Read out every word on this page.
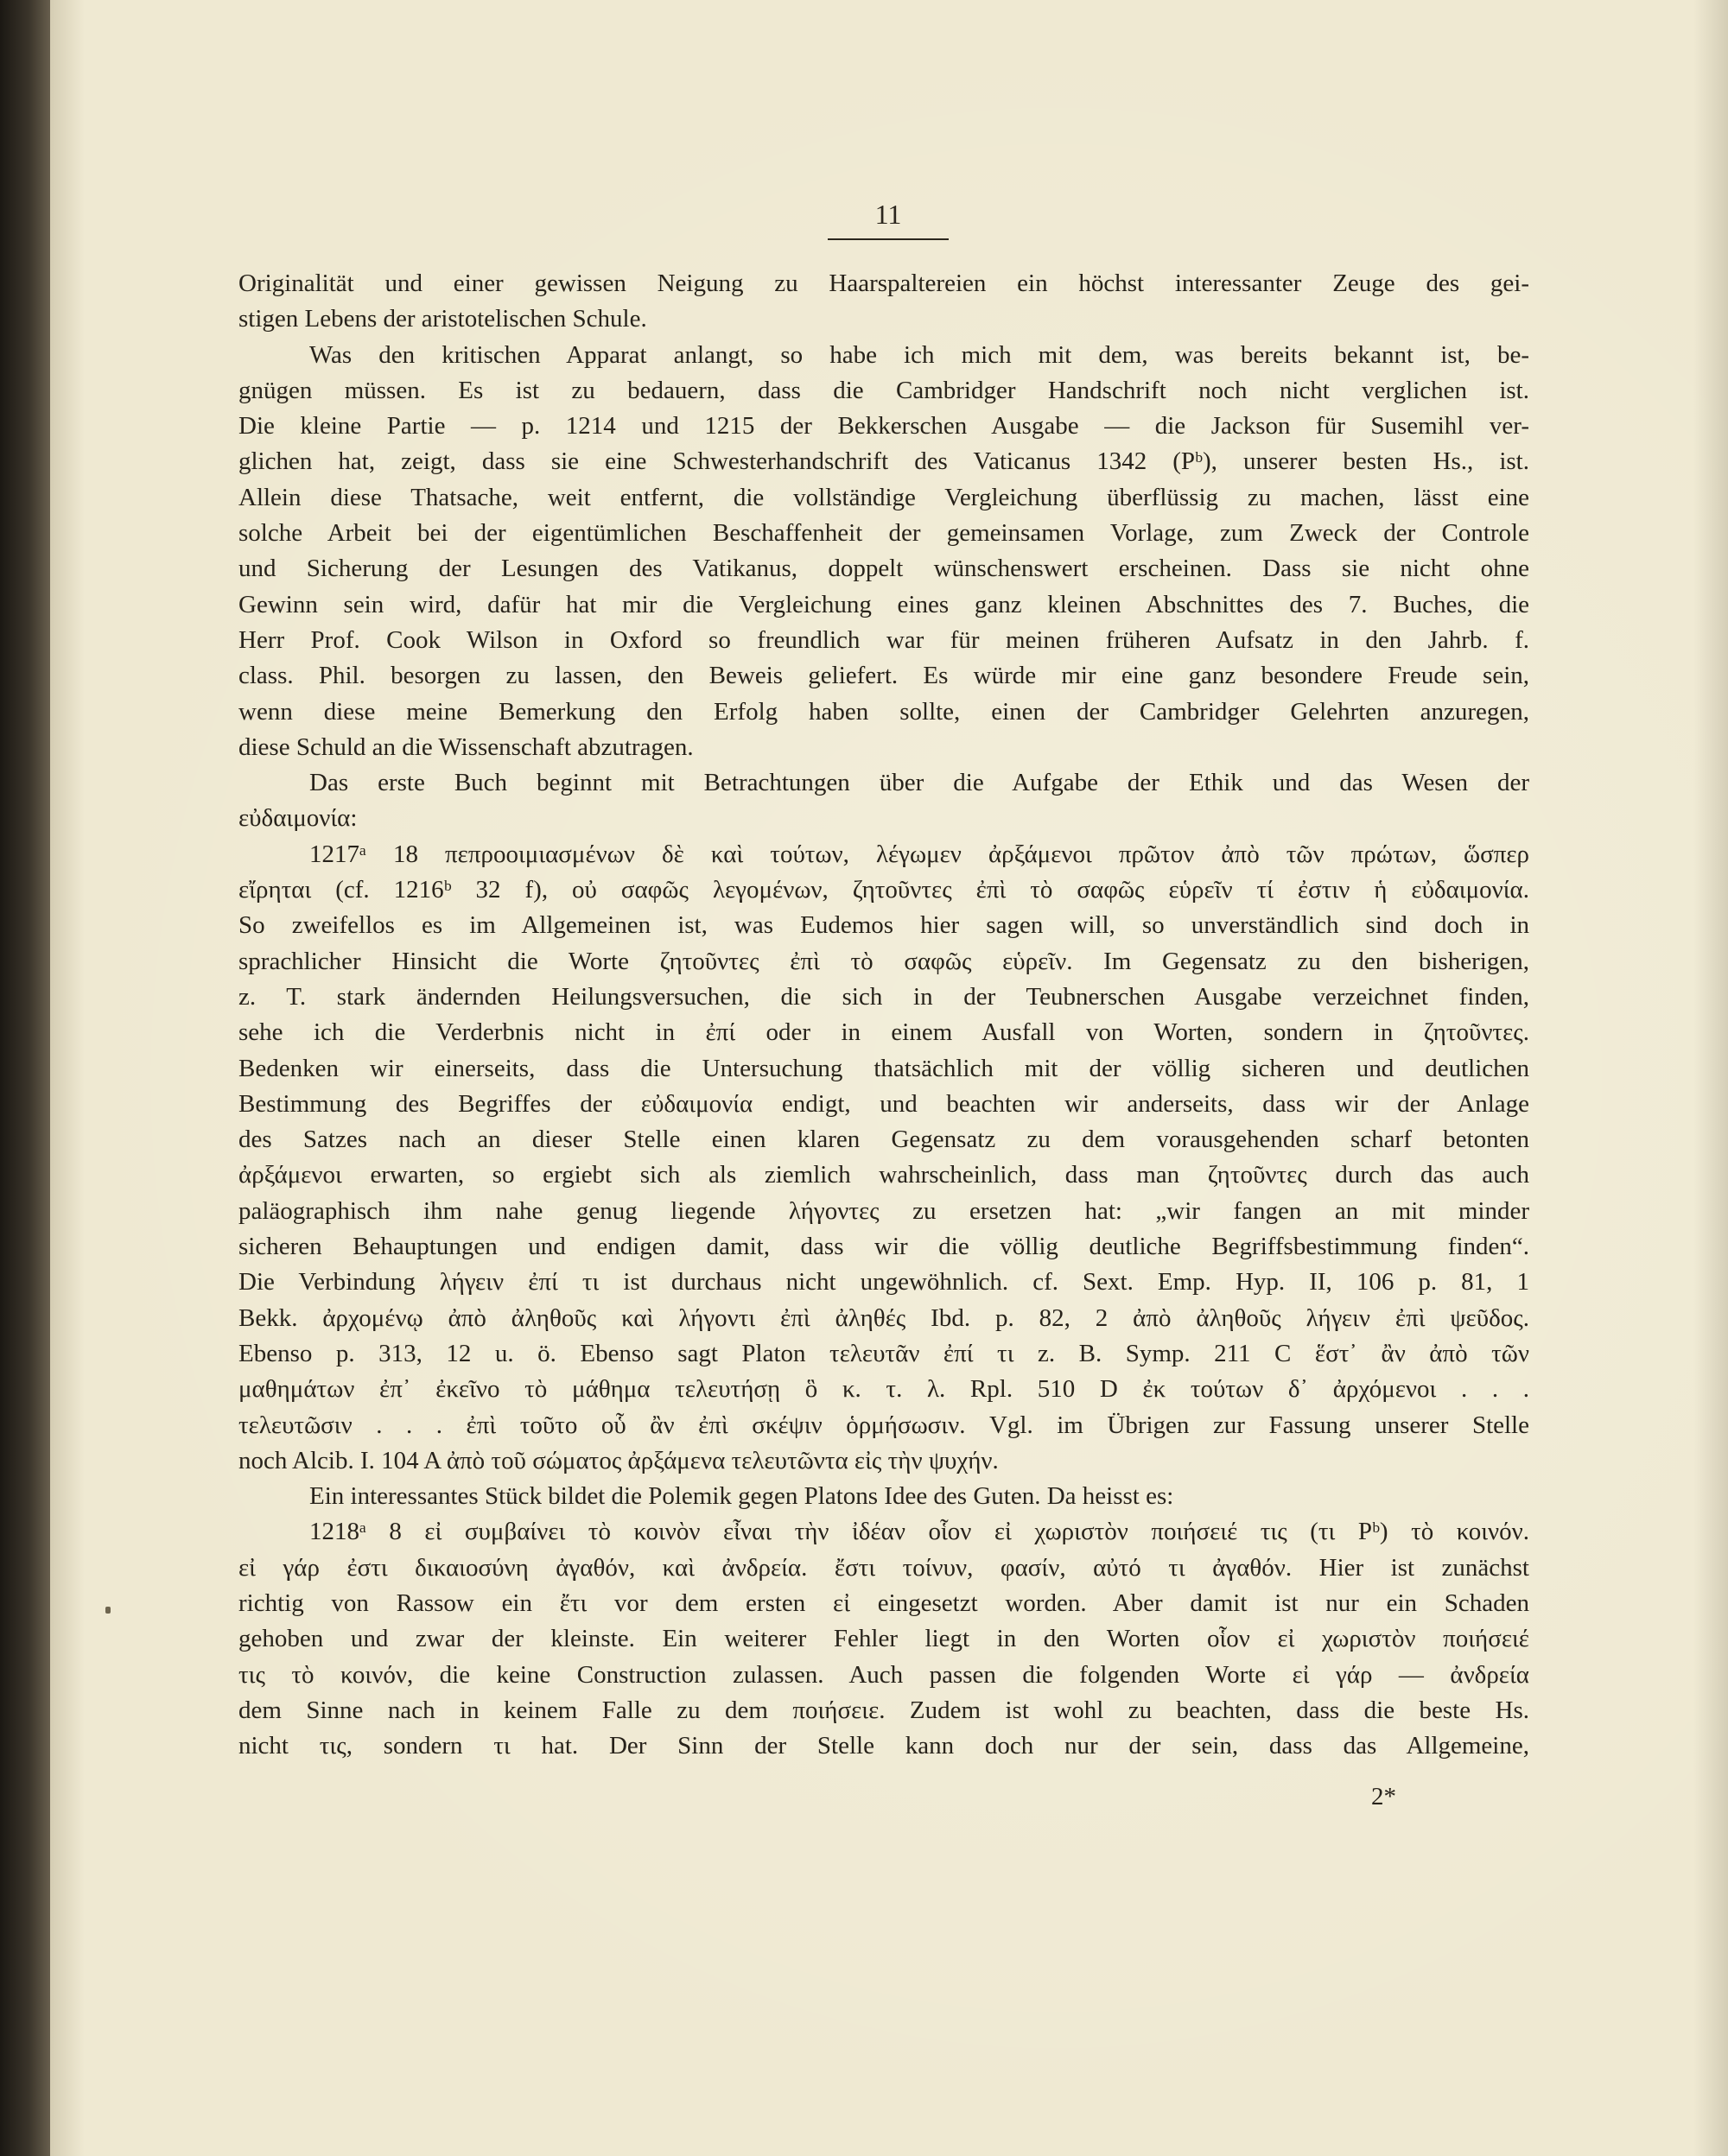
11
Originalität und einer gewissen Neigung zu Haarspaltereien ein höchst interessanter Zeuge des gei-
stigen Lebens der aristotelischen Schule.
Was den kritischen Apparat anlangt, so habe ich mich mit dem, was bereits bekannt ist, be-
gnügen müssen. Es ist zu bedauern, dass die Cambridger Handschrift noch nicht verglichen ist.
Die kleine Partie — p. 1214 und 1215 der Bekkerschen Ausgabe — die Jackson für Susemihl ver-
glichen hat, zeigt, dass sie eine Schwesterhandschrift des Vaticanus 1342 (Pᵇ), unserer besten Hs., ist.
Allein diese Thatsache, weit entfernt, die vollständige Vergleichung überflüssig zu machen, lässt eine
solche Arbeit bei der eigentümlichen Beschaffenheit der gemeinsamen Vorlage, zum Zweck der Controle
und Sicherung der Lesungen des Vatikanus, doppelt wünschenswert erscheinen. Dass sie nicht ohne
Gewinn sein wird, dafür hat mir die Vergleichung eines ganz kleinen Abschnittes des 7. Buches, die
Herr Prof. Cook Wilson in Oxford so freundlich war für meinen früheren Aufsatz in den Jahrb. f.
class. Phil. besorgen zu lassen, den Beweis geliefert. Es würde mir eine ganz besondere Freude sein,
wenn diese meine Bemerkung den Erfolg haben sollte, einen der Cambridger Gelehrten anzuregen,
diese Schuld an die Wissenschaft abzutragen.
Das erste Buch beginnt mit Betrachtungen über die Aufgabe der Ethik und das Wesen der
εὐδαιμονία:
1217ᵃ 18 πεπροοιμιασμένων δὲ καὶ τούτων, λέγωμεν ἀρξάμενοι πρῶτον ἀπὸ τῶν πρώτων, ὥσπερ
εἴρηται (cf. 1216ᵇ 32 f), οὐ σαφῶς λεγομένων, ζητοῦντες ἐπὶ τὸ σαφῶς εὑρεῖν τί ἐστιν ἡ εὐδαιμονία.
So zweifellos es im Allgemeinen ist, was Eudemos hier sagen will, so unverständlich sind doch in
sprachlicher Hinsicht die Worte ζητοῦντες ἐπὶ τὸ σαφῶς εὑρεῖν. Im Gegensatz zu den bisherigen,
z. T. stark ändernden Heilungsversuchen, die sich in der Teubnerschen Ausgabe verzeichnet finden,
sehe ich die Verderbnis nicht in ἐπί oder in einem Ausfall von Worten, sondern in ζητοῦντες.
Bedenken wir einerseits, dass die Untersuchung thatsächlich mit der völlig sicheren und deutlichen
Bestimmung des Begriffes der εὐδαιμονία endigt, und beachten wir anderseits, dass wir der Anlage
des Satzes nach an dieser Stelle einen klaren Gegensatz zu dem vorausgehenden scharf betonten
ἀρξάμενοι erwarten, so ergiebt sich als ziemlich wahrscheinlich, dass man ζητοῦντες durch das auch
paläographisch ihm nahe genug liegende λήγοντες zu ersetzen hat: „wir fangen an mit minder
sicheren Behauptungen und endigen damit, dass wir die völlig deutliche Begriffsbestimmung finden“.
Die Verbindung λήγειν ἐπί τι ist durchaus nicht ungewöhnlich. cf. Sext. Emp. Hyp. II, 106 p. 81, 1
Bekk. ἀρχομένῳ ἀπὸ ἀληθοῦς καὶ λήγοντι ἐπὶ ἀληθές Ibd. p. 82, 2 ἀπὸ ἀληθοῦς λήγειν ἐπὶ ψεῦδος.
Ebenso p. 313, 12 u. ö. Ebenso sagt Platon τελευτᾶν ἐπί τι z. B. Symp. 211 C ἕστ᾽ ἂν ἀπὸ τῶν
μαθημάτων ἐπ᾽ ἐκεῖνο τὸ μάθημα τελευτήσῃ ὃ κ. τ. λ. Rpl. 510 D ἐκ τούτων δ᾽ ἀρχόμενοι . . .
τελευτῶσιν . . . ἐπὶ τοῦτο οὗ ἂν ἐπὶ σκέψιν ὁρμήσωσιν. Vgl. im Übrigen zur Fassung unserer Stelle
noch Alcib. I. 104 A ἀπὸ τοῦ σώματος ἀρξάμενα τελευτῶντα εἰς τὴν ψυχήν.
Ein interessantes Stück bildet die Polemik gegen Platons Idee des Guten. Da heisst es:
1218ᵃ 8 εἰ συμβαίνει τὸ κοινὸν εἶναι τὴν ἰδέαν οἷον εἰ χωριστὸν ποιήσειέ τις (τι Pᵇ) τὸ κοινόν.
εἰ γάρ ἐστι δικαιοσύνη ἀγαθόν, καὶ ἀνδρεία. ἔστι τοίνυν, φασίν, αὐτό τι ἀγαθόν. Hier ist zunächst
richtig von Rassow ein ἔτι vor dem ersten εἰ eingesetzt worden. Aber damit ist nur ein Schaden
gehoben und zwar der kleinste. Ein weiterer Fehler liegt in den Worten οἷον εἰ χωριστὸν ποιήσειέ
τις τὸ κοινόν, die keine Construction zulassen. Auch passen die folgenden Worte εἰ γάρ — ἀνδρεία
dem Sinne nach in keinem Falle zu dem ποιήσειε. Zudem ist wohl zu beachten, dass die beste Hs.
nicht τις, sondern τι hat. Der Sinn der Stelle kann doch nur der sein, dass das Allgemeine,
2*
